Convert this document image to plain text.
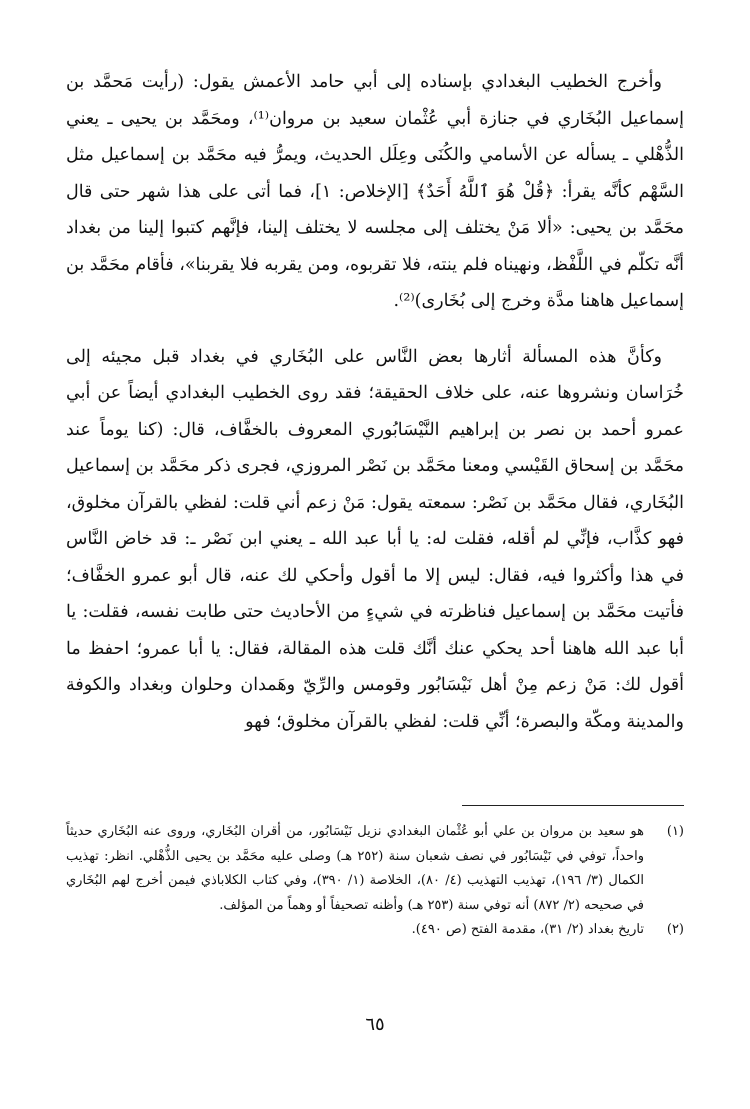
وأخرج الخطيب البغدادي بإسناده إلى أبي حامد الأعمش يقول: (رأيت مَحمَّد بن إسماعيل البُخَاري في جنازة أبي عُثْمان سعيد بن مروان⁽¹⁾، ومحَمَّد بن يحيى ـ يعني الذُّهْلي ـ يسأله عن الأسامي والكُنَى وعِلَل الحديث، ويمرُّ فيه محَمَّد بن إسماعيل مثل السَّهْم كأنَّه يقرأ: ﴿قُلْ هُوَ ٱللَّهُ أَحَدٌ﴾ [الإخلاص: ١]، فما أتى على هذا شهر حتى قال محَمَّد بن يحيى: «ألا مَنْ يختلف إلى مجلسه لا يختلف إلينا، فإنَّهم كتبوا إلينا من بغداد أنَّه تكلّم في اللَّفْظ، ونهيناه فلم ينته، فلا تقربوه، ومن يقربه فلا يقربنا»، فأقام محَمَّد بن إسماعيل هاهنا مدَّة وخرج إلى بُخَارى)⁽²⁾.

وكأنَّ هذه المسألة أثارها بعض النَّاس على البُخَاري في بغداد قبل مجيئه إلى خُرَاسان ونشروها عنه، على خلاف الحقيقة؛ فقد روى الخطيب البغدادي أيضاً عن أبي عمرو أحمد بن نصر بن إبراهيم النَّيْسَابُوري المعروف بالخفَّاف، قال: (كنا يوماً عند محَمَّد بن إسحاق القَيْسي ومعنا محَمَّد بن نَصْر المروزي، فجرى ذكر محَمَّد بن إسماعيل البُخَاري، فقال محَمَّد بن نَصْر: سمعته يقول: مَنْ زعم أني قلت: لفظي بالقرآن مخلوق، فهو كذَّاب، فإنِّي لم أقله، فقلت له: يا أبا عبد الله ـ يعني ابن نَصْر ـ: قد خاض النَّاس في هذا وأكثروا فيه، فقال: ليس إلا ما أقول وأحكي لك عنه، قال أبو عمرو الخفَّاف؛ فأتيت محَمَّد بن إسماعيل فناظرته في شيءٍ من الأحاديث حتى طابت نفسه، فقلت: يا أبا عبد الله هاهنا أحد يحكي عنك أنَّك قلت هذه المقالة، فقال: يا أبا عمرو؛ احفظ ما أقول لك: مَنْ زعم مِنْ أهل نَيْسَابُور وقومس والرِّيّ وهَمدان وحلوان وبغداد والكوفة والمدينة ومكّة والبصرة؛ أنِّي قلت: لفظي بالقرآن مخلوق؛ فهو

(١)
هو سعيد بن مروان بن علي أبو عُثْمان البغدادي نزيل نَيْسَابُور، من أقران البُخَاري، وروى عنه البُخَاري حديثاً واحداً، توفي في نَيْسَابُور في نصف شعبان سنة (٢٥٢ هـ) وصلى عليه محَمَّد بن يحيى الذُّهْلي. انظر: تهذيب الكمال (٣/ ١٩٦)، تهذيب التهذيب (٤/ ٨٠)، الخلاصة (١/ ٣٩٠)، وفي كتاب الكلاباذي فيمن أخرج لهم البُخَاري في صحيحه (٢/ ٨٧٢) أنه توفي سنة (٢٥٣ هـ) وأظنه تصحيفاً أو وهماً من المؤلف.
(٢)
تاريخ بغداد (٢/ ٣١)، مقدمة الفتح (ص ٤٩٠).
٦٥
